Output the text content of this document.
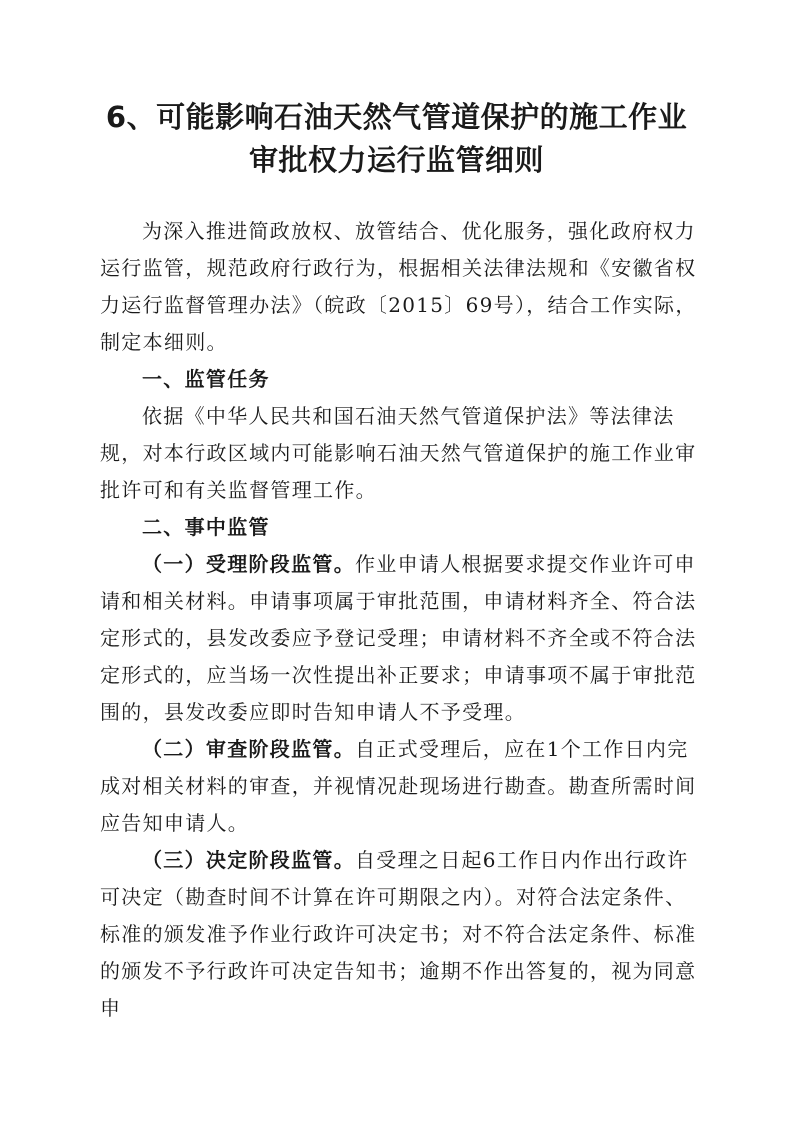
6、可能影响石油天然气管道保护的施工作业
审批权力运行监管细则

为深入推进简政放权、放管结合、优化服务，强化政府权力运行监管，规范政府行政行为，根据相关法律法规和《安徽省权力运行监督管理办法》（皖政〔2015〕69号），结合工作实际，制定本细则。

一、监管任务

依据《中华人民共和国石油天然气管道保护法》等法律法规，对本行政区域内可能影响石油天然气管道保护的施工作业审批许可和有关监督管理工作。

二、事中监管

（一）受理阶段监管。作业申请人根据要求提交作业许可申请和相关材料。申请事项属于审批范围，申请材料齐全、符合法定形式的，县发改委应予登记受理；申请材料不齐全或不符合法定形式的，应当场一次性提出补正要求；申请事项不属于审批范围的，县发改委应即时告知申请人不予受理。

（二）审查阶段监管。自正式受理后，应在1个工作日内完成对相关材料的审查，并视情况赴现场进行勘查。勘查所需时间应告知申请人。

（三）决定阶段监管。自受理之日起6工作日内作出行政许可决定（勘查时间不计算在许可期限之内）。对符合法定条件、标准的颁发准予作业行政许可决定书；对不符合法定条件、标准的颁发不予行政许可决定告知书；逾期不作出答复的，视为同意申
